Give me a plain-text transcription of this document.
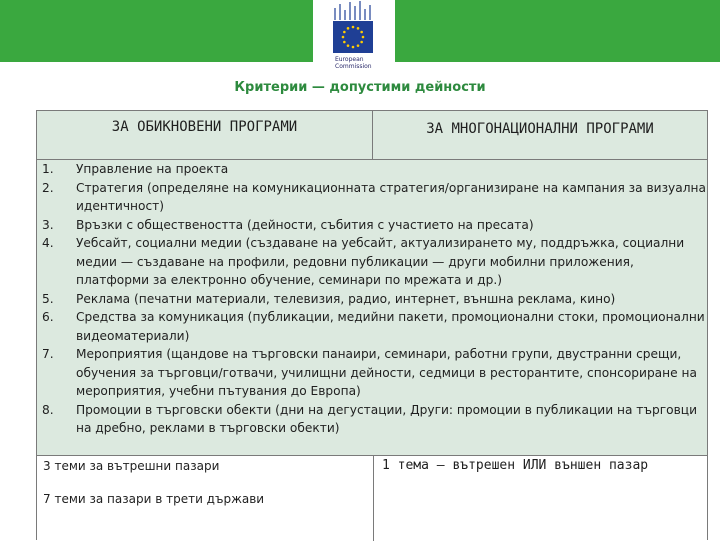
European
Commission
Критерии — допустими дейности
ЗА ОБИКНОВЕНИ ПРОГРАМИ	ЗА МНОГОНАЦИОНАЛНИ ПРОГРАМИ
1. Управление на проекта
2. Стратегия (определяне на комуникационната стратегия/организиране на кампания за визуална идентичност)
3. Връзки с обществеността (дейности, събития с участието на пресата)
4. Уебсайт, социални медии (създаване на уебсайт, актуализирането му, поддръжка, социални медии — създаване на профили, редовни публикации — други мобилни приложения, платформи за електронно обучение, семинари по мрежата и др.)
5. Реклама (печатни материали, телевизия, радио, интернет, външна реклама, кино)
6. Средства за комуникация (публикации, медийни пакети, промоционални стоки, промоционални видеоматериали)
7. Мероприятия (щандове на търговски панаири, семинари, работни групи, двустранни срещи, обучения за търговци/готвачи, училищни дейности, седмици в ресторантите, спонсориране на мероприятия, учебни пътувания до Европа)
8. Промоции в търговски обекти (дни на дегустации, Други: промоции в публикации на търговци на дребно, реклами в търговски обекти)
3 теми за вътрешни пазари
7 теми за пазари в трети държави
1 тема — вътрешен ИЛИ външен пазар
